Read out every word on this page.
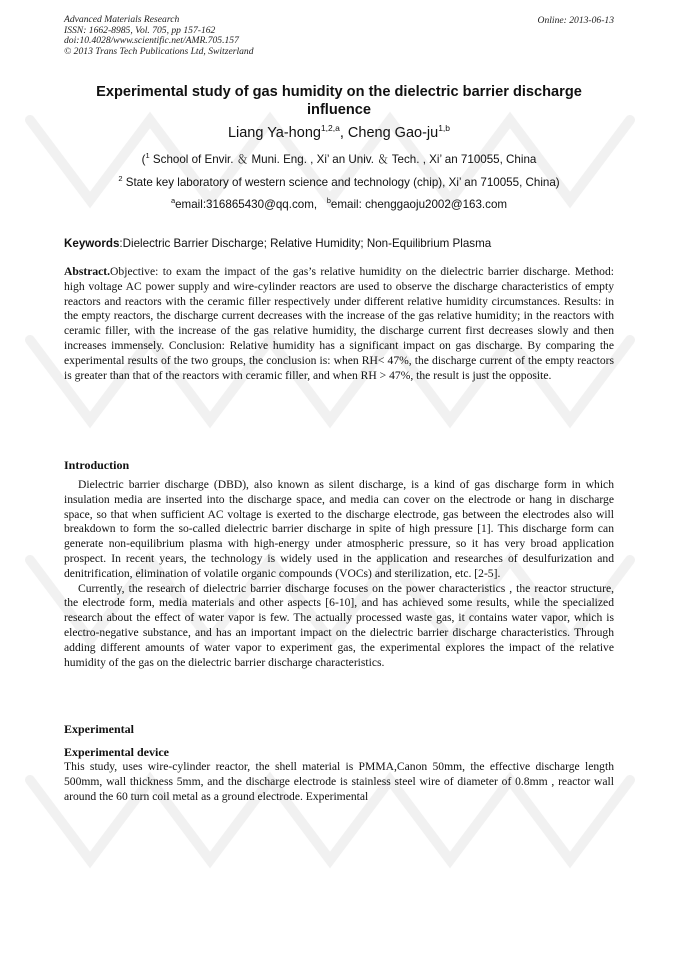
Advanced Materials Research
ISSN: 1662-8985, Vol. 705, pp 157-162
doi:10.4028/www.scientific.net/AMR.705.157
© 2013 Trans Tech Publications Ltd, Switzerland
Online: 2013-06-13
Experimental study of gas humidity on the dielectric barrier discharge influence
Liang Ya-hong$^{1,2,a}$, Cheng Gao-ju$^{1,b}$
($^1$ School of Envir. ＆ Muni. Eng. , Xi’ an Univ. ＆ Tech. , Xi’ an 710055, China
$^2$ State key laboratory of western science and technology (chip), Xi’ an 710055, China)
$^a$email:316865430@qq.com, $^b$email: chenggaoju2002@163.com
Keywords:Dielectric Barrier Discharge; Relative Humidity; Non-Equilibrium Plasma
Abstract.Objective: to exam the impact of the gas’s relative humidity on the dielectric barrier discharge. Method: high voltage AC power supply and wire-cylinder reactors are used to observe the discharge characteristics of empty reactors and reactors with the ceramic filler respectively under different relative humidity circumstances. Results: in the empty reactors, the discharge current decreases with the increase of the gas relative humidity; in the reactors with ceramic filler, with the increase of the gas relative humidity, the discharge current first decreases slowly and then increases immensely. Conclusion: Relative humidity has a significant impact on gas discharge. By comparing the experimental results of the two groups, the conclusion is: when RH< 47%, the discharge current of the empty reactors is greater than that of the reactors with ceramic filler, and when RH > 47%, the result is just the opposite.
Introduction

Dielectric barrier discharge (DBD), also known as silent discharge, is a kind of gas discharge form in which insulation media are inserted into the discharge space, and media can cover on the electrode or hang in discharge space, so that when sufficient AC voltage is exerted to the discharge electrode, gas between the electrodes also will breakdown to form the so-called dielectric barrier discharge in spite of high pressure [1]. This discharge form can generate non-equilibrium plasma with high-energy under atmospheric pressure, so it has very broad application prospect. In recent years, the technology is widely used in the application and researches of desulfurization and denitrification, elimination of volatile organic compounds (VOCs) and sterilization, etc. [2-5].

Currently, the research of dielectric barrier discharge focuses on the power characteristics , the reactor structure, the electrode form, media materials and other aspects [6-10], and has achieved some results, while the specialized research about the effect of water vapor is few. The actually processed waste gas, it contains water vapor, which is electro-negative substance, and has an important impact on the dielectric barrier discharge characteristics. Through adding different amounts of water vapor to experiment gas, the experimental explores the impact of the relative humidity of the gas on the dielectric barrier discharge characteristics.

Experimental
Experimental device

This study, uses wire-cylinder reactor, the shell material is PMMA,Canon 50mm, the effective discharge length 500mm, wall thickness 5mm, and the discharge electrode is stainless steel wire of diameter of 0.8mm , reactor wall around the 60 turn coil metal as a ground electrode. Experimental
